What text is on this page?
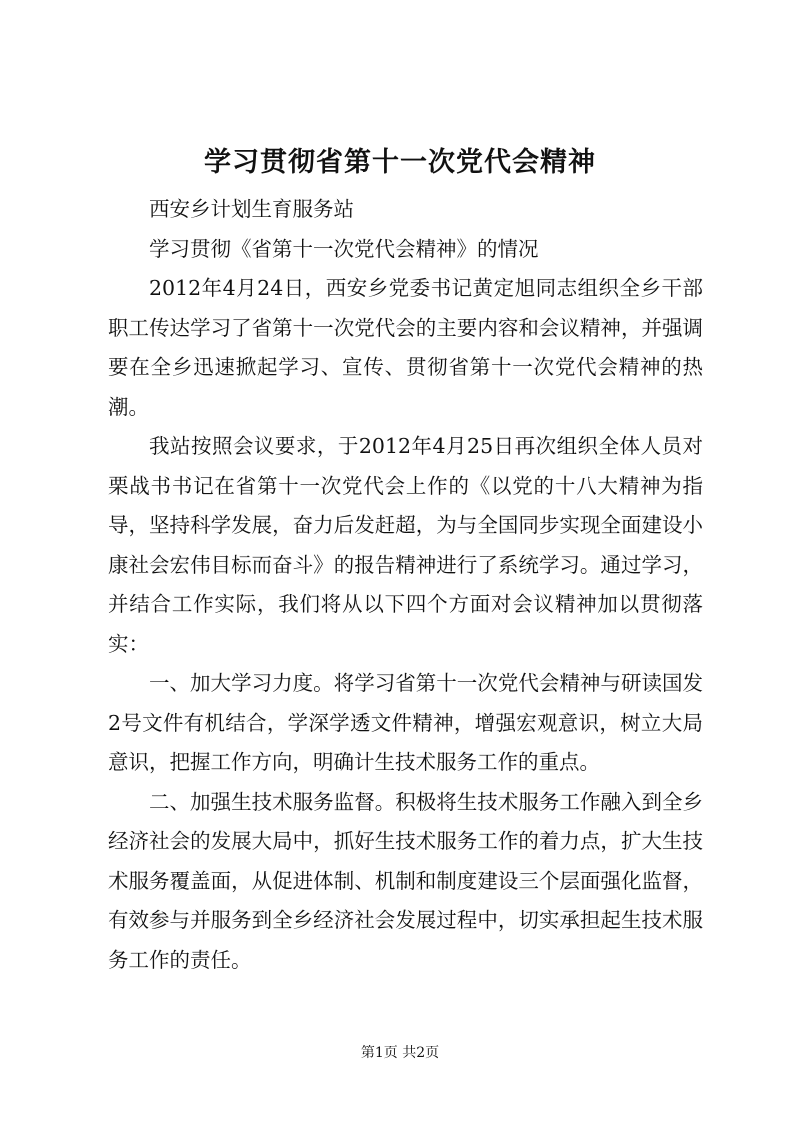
学习贯彻省第十一次党代会精神

西安乡计划生育服务站

学习贯彻《省第十一次党代会精神》的情况

2012年4月24日，西安乡党委书记黄定旭同志组织全乡干部职工传达学习了省第十一次党代会的主要内容和会议精神，并强调要在全乡迅速掀起学习、宣传、贯彻省第十一次党代会精神的热潮。

我站按照会议要求，于2012年4月25日再次组织全体人员对栗战书书记在省第十一次党代会上作的《以党的十八大精神为指导，坚持科学发展，奋力后发赶超，为与全国同步实现全面建设小康社会宏伟目标而奋斗》的报告精神进行了系统学习。通过学习，并结合工作实际，我们将从以下四个方面对会议精神加以贯彻落实：

一、加大学习力度。将学习省第十一次党代会精神与研读国发2号文件有机结合，学深学透文件精神，增强宏观意识，树立大局意识，把握工作方向，明确计生技术服务工作的重点。

二、加强生技术服务监督。积极将生技术服务工作融入到全乡经济社会的发展大局中，抓好生技术服务工作的着力点，扩大生技术服务覆盖面，从促进体制、机制和制度建设三个层面强化监督，有效参与并服务到全乡经济社会发展过程中，切实承担起生技术服务工作的责任。

第1页 共2页
